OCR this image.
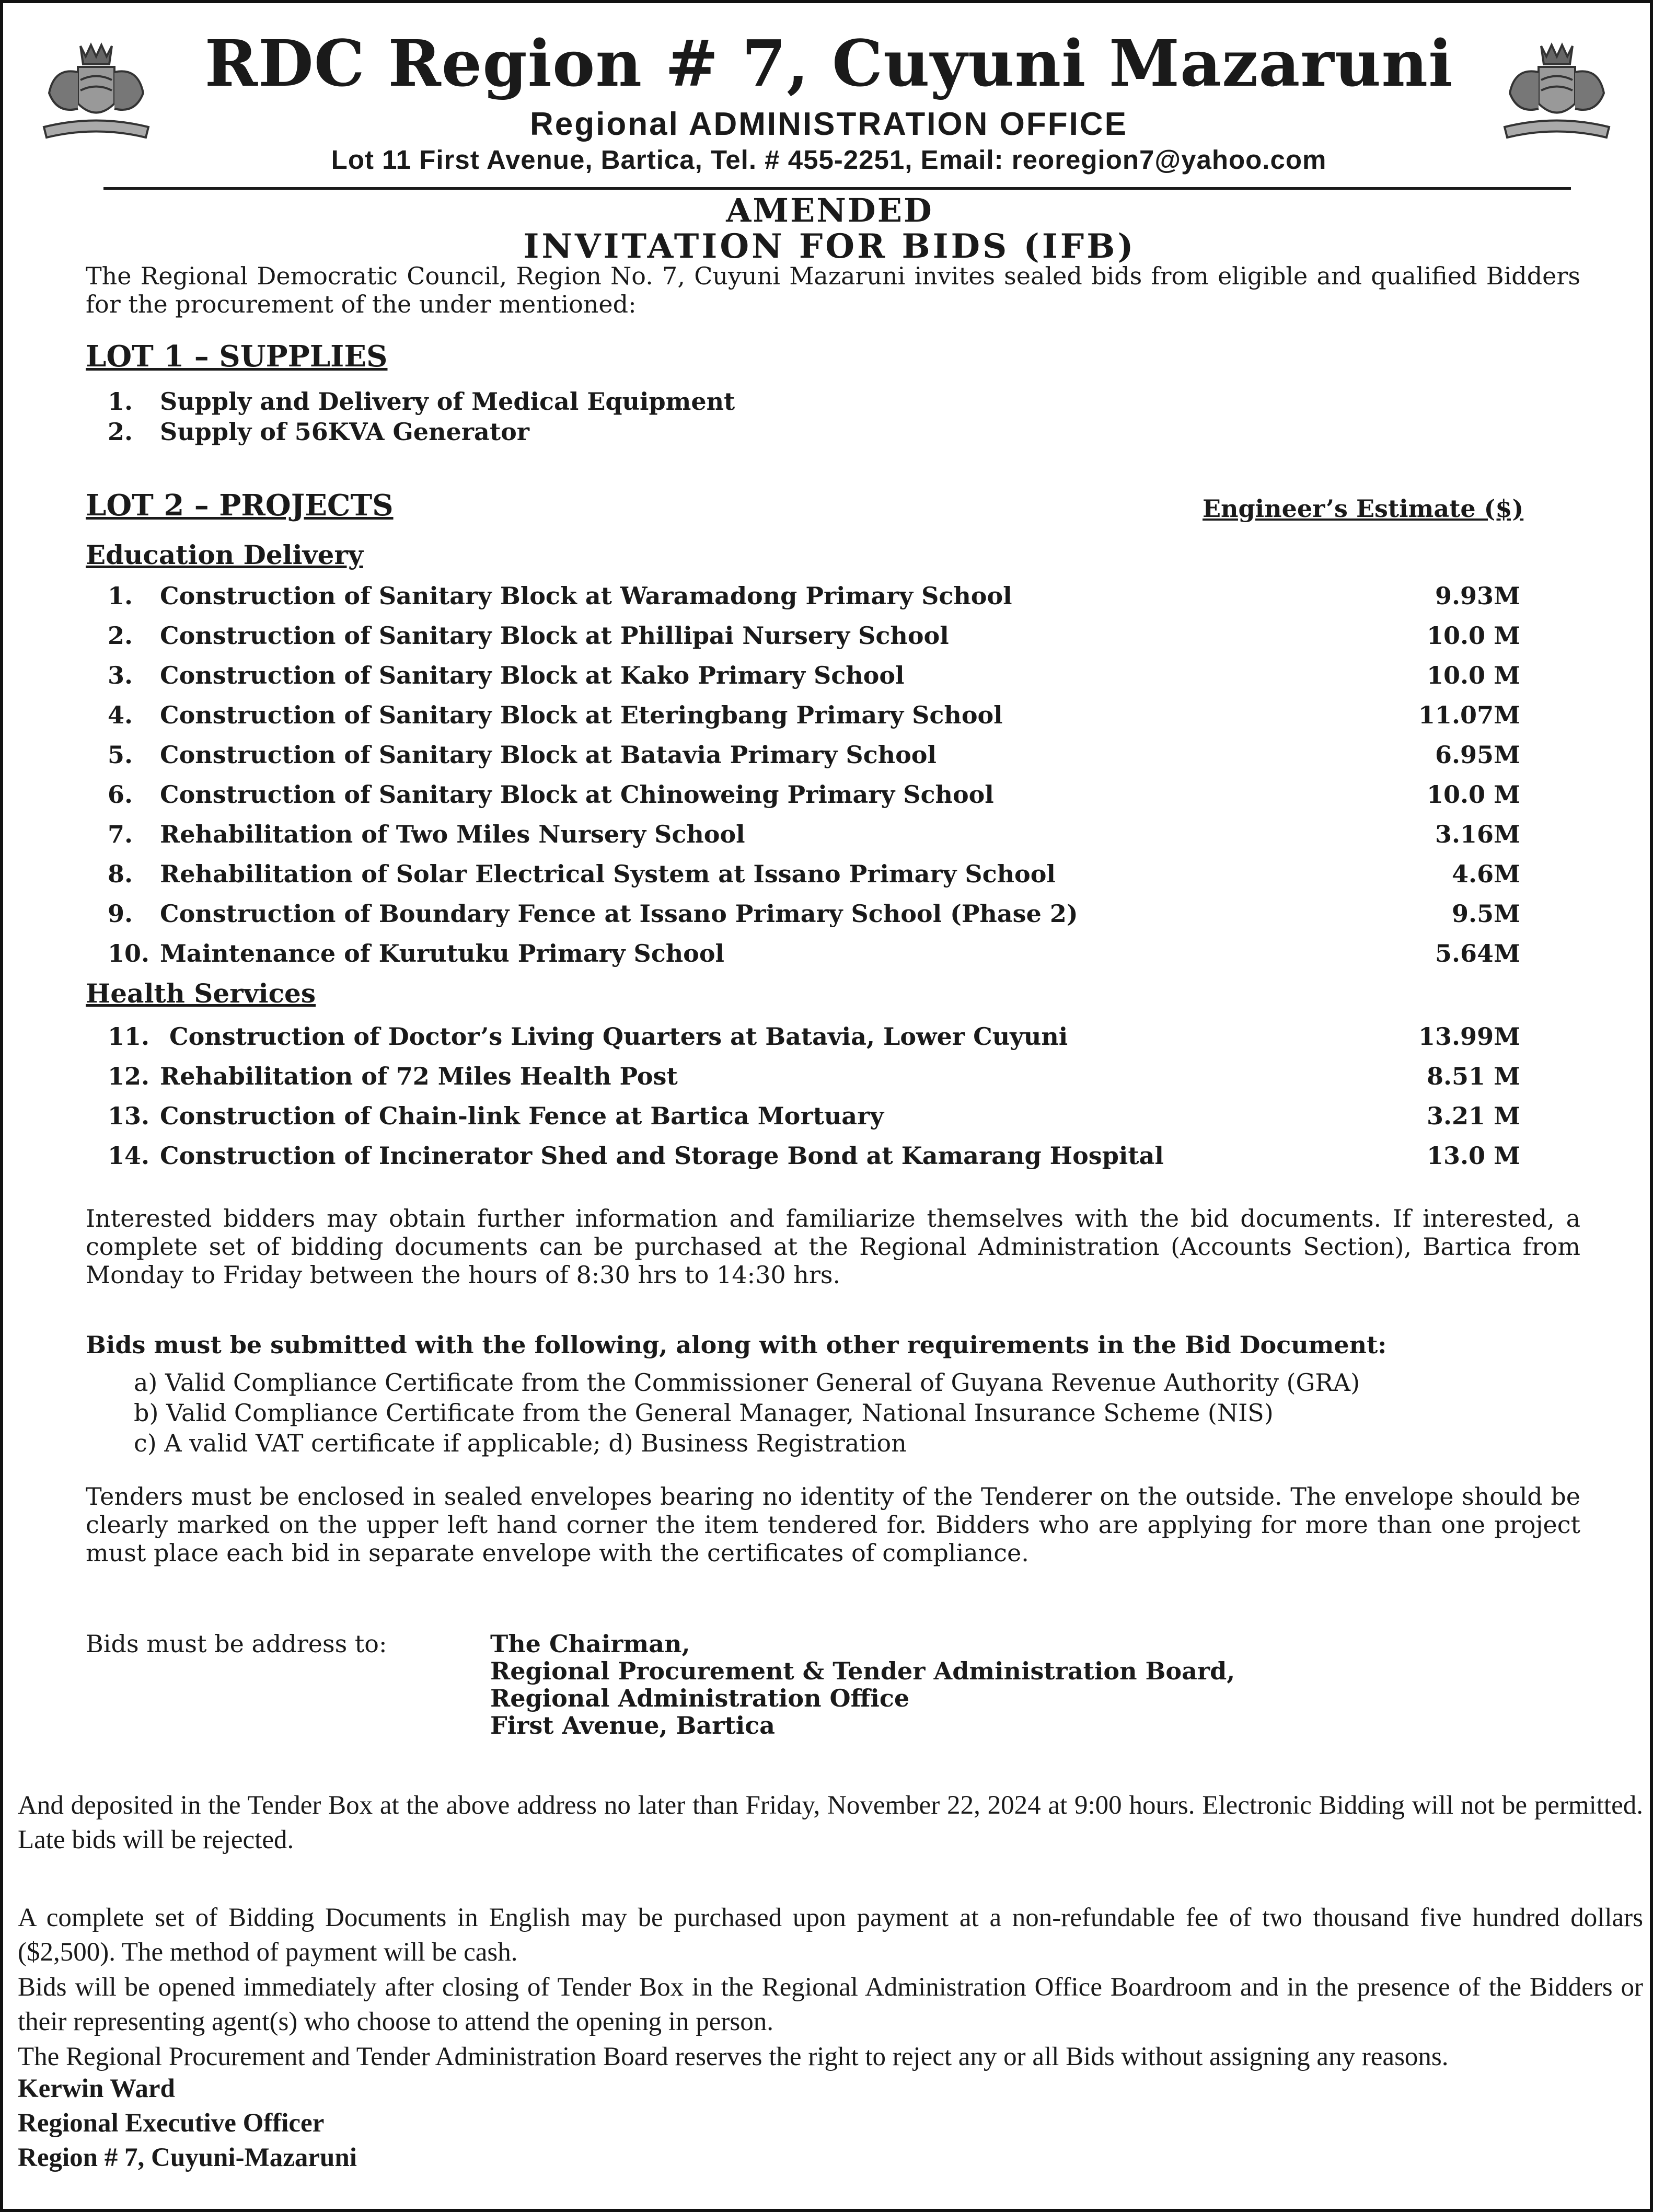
RDC Region # 7, Cuyuni Mazaruni
Regional ADMINISTRATION OFFICE
Lot 11 First Avenue, Bartica, Tel. # 455-2251, Email: reoregion7@yahoo.com
AMENDED
INVITATION FOR BIDS (IFB)
The Regional Democratic Council, Region No. 7, Cuyuni Mazaruni invites sealed bids from eligible and qualified Bidders for the procurement of the under mentioned:
LOT 1 – SUPPLIES
1. Supply and Delivery of Medical Equipment
2. Supply of 56KVA Generator
LOT 2 – PROJECTS	Engineer’s Estimate ($)
Education Delivery
1. Construction of Sanitary Block at Waramadong Primary School	9.93M
2. Construction of Sanitary Block at Phillipai Nursery School	10.0 M
3. Construction of Sanitary Block at Kako Primary School	10.0 M
4. Construction of Sanitary Block at Eteringbang Primary School	11.07M
5. Construction of Sanitary Block at Batavia Primary School	6.95M
6. Construction of Sanitary Block at Chinoweing Primary School	10.0 M
7. Rehabilitation of Two Miles Nursery School	3.16M
8. Rehabilitation of Solar Electrical System at Issano Primary School	4.6M
9. Construction of Boundary Fence at Issano Primary School (Phase 2)	9.5M
10. Maintenance of Kurutuku Primary School	5.64M
Health Services
11. Construction of Doctor’s Living Quarters at Batavia, Lower Cuyuni	13.99M
12. Rehabilitation of 72 Miles Health Post	8.51 M
13. Construction of Chain-link Fence at Bartica Mortuary	3.21 M
14. Construction of Incinerator Shed and Storage Bond at Kamarang Hospital	13.0 M
Interested bidders may obtain further information and familiarize themselves with the bid documents. If interested, a complete set of bidding documents can be purchased at the Regional Administration (Accounts Section), Bartica from Monday to Friday between the hours of 8:30 hrs to 14:30 hrs.
Bids must be submitted with the following, along with other requirements in the Bid Document:
a) Valid Compliance Certificate from the Commissioner General of Guyana Revenue Authority (GRA)
b) Valid Compliance Certificate from the General Manager, National Insurance Scheme (NIS)
c) A valid VAT certificate if applicable; d) Business Registration
Tenders must be enclosed in sealed envelopes bearing no identity of the Tenderer on the outside. The envelope should be clearly marked on the upper left hand corner the item tendered for. Bidders who are applying for more than one project must place each bid in separate envelope with the certificates of compliance.
Bids must be address to:	The Chairman,
Regional Procurement & Tender Administration Board,
Regional Administration Office
First Avenue, Bartica
And deposited in the Tender Box at the above address no later than Friday, November 22, 2024 at 9:00 hours. Electronic Bidding will not be permitted. Late bids will be rejected.
A complete set of Bidding Documents in English may be purchased upon payment at a non-refundable fee of two thousand five hundred dollars ($2,500). The method of payment will be cash.
Bids will be opened immediately after closing of Tender Box in the Regional Administration Office Boardroom and in the presence of the Bidders or their representing agent(s) who choose to attend the opening in person.
The Regional Procurement and Tender Administration Board reserves the right to reject any or all Bids without assigning any reasons.
Kerwin Ward
Regional Executive Officer
Region # 7, Cuyuni-Mazaruni
